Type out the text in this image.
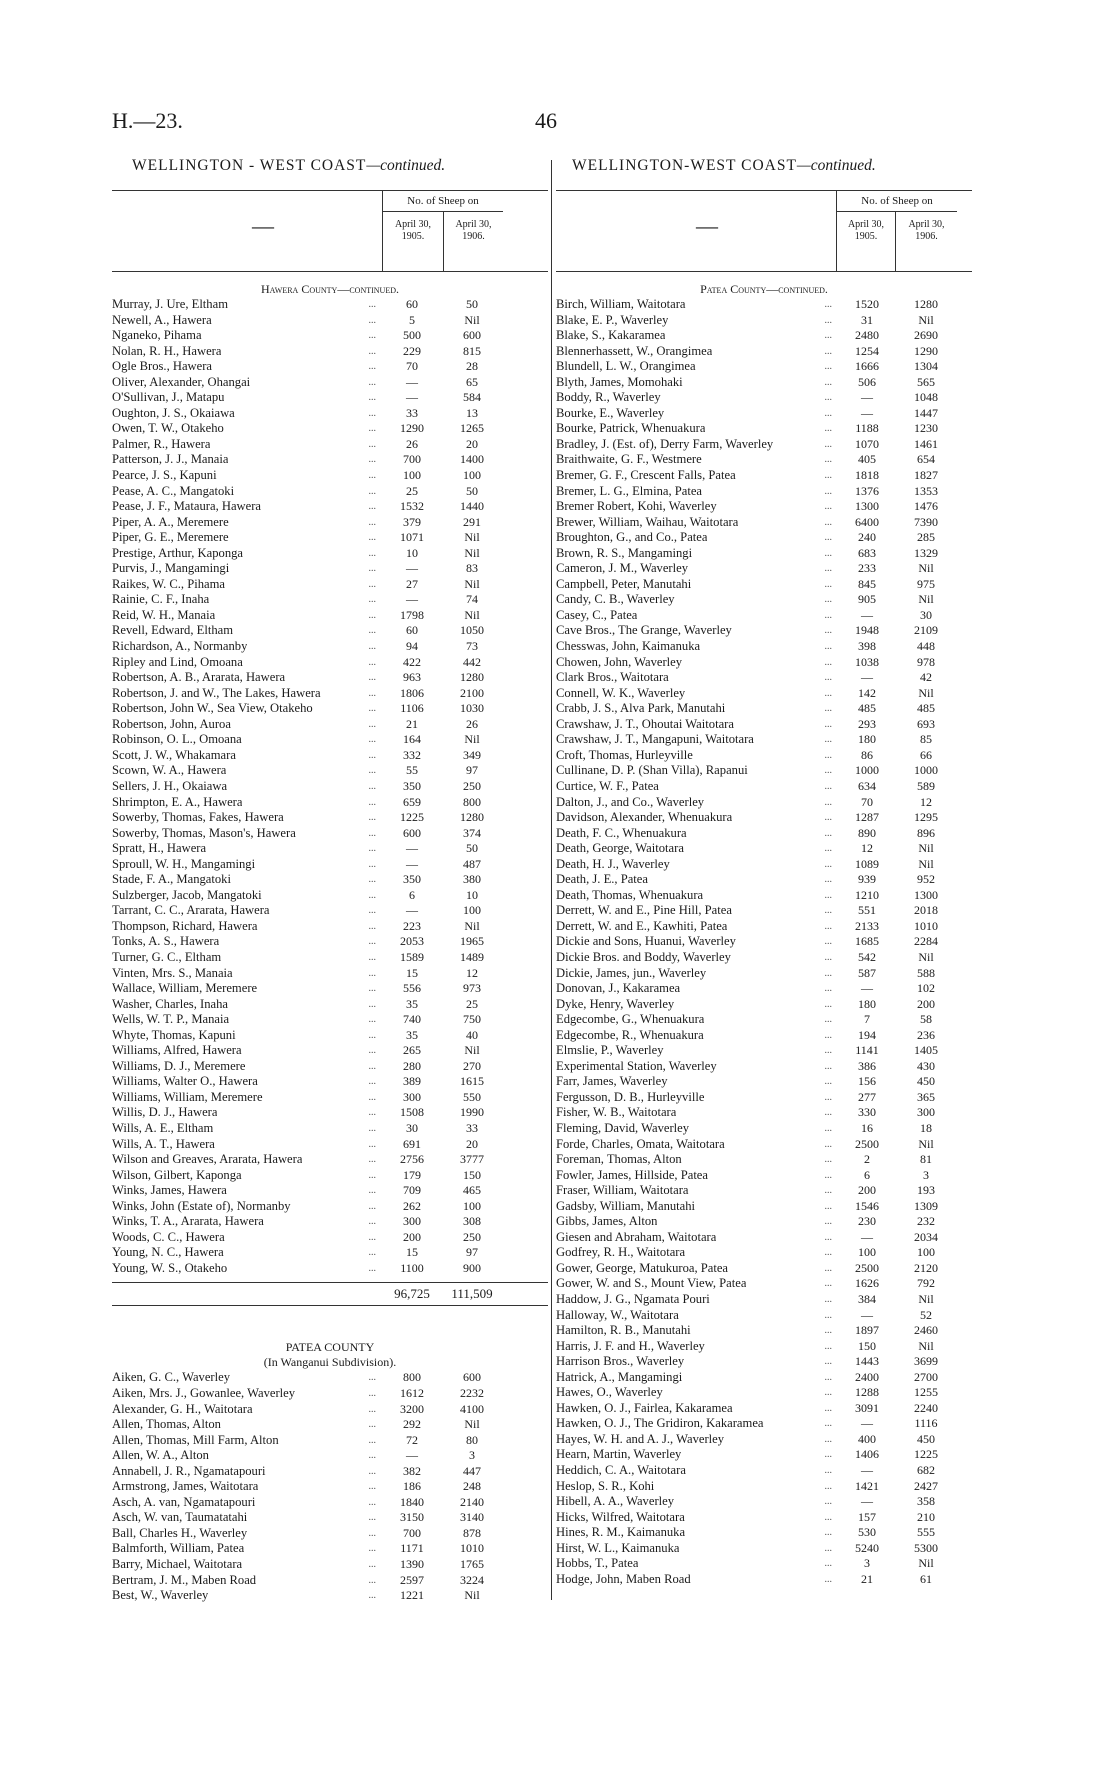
H.—23.	46
WELLINGTON - WEST COAST—continued.	WELLINGTON-WEST COAST—continued.
—
No. of Sheep on
April 30, 1905.
April 30, 1906.
Hawera County—continued.
Murray, J. Ure, Eltham	...	60	50
Newell, A., Hawera	...	5	Nil
Nganeko, Pihama	...	500	600
Nolan, R. H., Hawera	...	229	815
Ogle Bros., Hawera	...	70	28
Oliver, Alexander, Ohangai	...	—	65
O'Sullivan, J., Matapu	...	—	584
Oughton, J. S., Okaiawa	...	33	13
Owen, T. W., Otakeho	...	1290	1265
Palmer, R., Hawera	...	26	20
Patterson, J. J., Manaia	...	700	1400
Pearce, J. S., Kapuni	...	100	100
Pease, A. C., Mangatoki	...	25	50
Pease, J. F., Mataura, Hawera	...	1532	1440
Piper, A. A., Meremere	...	379	291
Piper, G. E., Meremere	...	1071	Nil
Prestige, Arthur, Kaponga	...	10	Nil
Purvis, J., Mangamingi	...	—	83
Raikes, W. C., Pihama	...	27	Nil
Rainie, C. F., Inaha	...	—	74
Reid, W. H., Manaia	...	1798	Nil
Revell, Edward, Eltham	...	60	1050
Richardson, A., Normanby	...	94	73
Ripley and Lind, Omoana	...	422	442
Robertson, A. B., Ararata, Hawera	...	963	1280
Robertson, J. and W., The Lakes, Hawera	...	1806	2100
Robertson, John W., Sea View, Otakeho	...	1106	1030
Robertson, John, Auroa	...	21	26
Robinson, O. L., Omoana	...	164	Nil
Scott, J. W., Whakamara	...	332	349
Scown, W. A., Hawera	...	55	97
Sellers, J. H., Okaiawa	...	350	250
Shrimpton, E. A., Hawera	...	659	800
Sowerby, Thomas, Fakes, Hawera	...	1225	1280
Sowerby, Thomas, Mason's, Hawera	...	600	374
Spratt, H., Hawera	...	—	50
Sproull, W. H., Mangamingi	...	—	487
Stade, F. A., Mangatoki	...	350	380
Sulzberger, Jacob, Mangatoki	...	6	10
Tarrant, C. C., Ararata, Hawera	...	—	100
Thompson, Richard, Hawera	...	223	Nil
Tonks, A. S., Hawera	...	2053	1965
Turner, G. C., Eltham	...	1589	1489
Vinten, Mrs. S., Manaia	...	15	12
Wallace, William, Meremere	...	556	973
Washer, Charles, Inaha	...	35	25
Wells, W. T. P., Manaia	...	740	750
Whyte, Thomas, Kapuni	...	35	40
Williams, Alfred, Hawera	...	265	Nil
Williams, D. J., Meremere	...	280	270
Williams, Walter O., Hawera	...	389	1615
Williams, William, Meremere	...	300	550
Willis, D. J., Hawera	...	1508	1990
Wills, A. E., Eltham	...	30	33
Wills, A. T., Hawera	...	691	20
Wilson and Greaves, Ararata, Hawera	...	2756	3777
Wilson, Gilbert, Kaponga	...	179	150
Winks, James, Hawera	...	709	465
Winks, John (Estate of), Normanby	...	262	100
Winks, T. A., Ararata, Hawera	...	300	308
Woods, C. C., Hawera	...	200	250
Young, N. C., Hawera	...	15	97
Young, W. S., Otakeho	...	1100	900
96,725	111,509
PATEA COUNTY
(In Wanganui Subdivision).
Aiken, G. C., Waverley	...	800	600
Aiken, Mrs. J., Gowanlee, Waverley	...	1612	2232
Alexander, G. H., Waitotara	...	3200	4100
Allen, Thomas, Alton	...	292	Nil
Allen, Thomas, Mill Farm, Alton	...	72	80
Allen, W. A., Alton	...	—	3
Annabell, J. R., Ngamatapouri	...	382	447
Armstrong, James, Waitotara	...	186	248
Asch, A. van, Ngamatapouri	...	1840	2140
Asch, W. van, Taumatatahi	...	3150	3140
Ball, Charles H., Waverley	...	700	878
Balmforth, William, Patea	...	1171	1010
Barry, Michael, Waitotara	...	1390	1765
Bertram, J. M., Maben Road	...	2597	3224
Best, W., Waverley	...	1221	Nil
—
No. of Sheep on
April 30, 1905.
April 30, 1906.
Patea County—continued.
Birch, William, Waitotara	...	1520	1280
Blake, E. P., Waverley	...	31	Nil
Blake, S., Kakaramea	...	2480	2690
Blennerhassett, W., Orangimea	...	1254	1290
Blundell, L. W., Orangimea	...	1666	1304
Blyth, James, Momohaki	...	506	565
Boddy, R., Waverley	...	—	1048
Bourke, E., Waverley	...	—	1447
Bourke, Patrick, Whenuakura	...	1188	1230
Bradley, J. (Est. of), Derry Farm, Waverley	...	1070	1461
Braithwaite, G. F., Westmere	...	405	654
Bremer, G. F., Crescent Falls, Patea	...	1818	1827
Bremer, L. G., Elmina, Patea	...	1376	1353
Bremer Robert, Kohi, Waverley	...	1300	1476
Brewer, William, Waihau, Waitotara	...	6400	7390
Broughton, G., and Co., Patea	...	240	285
Brown, R. S., Mangamingi	...	683	1329
Cameron, J. M., Waverley	...	233	Nil
Campbell, Peter, Manutahi	...	845	975
Candy, C. B., Waverley	...	905	Nil
Casey, C., Patea	...	—	30
Cave Bros., The Grange, Waverley	...	1948	2109
Chesswas, John, Kaimanuka	...	398	448
Chowen, John, Waverley	...	1038	978
Clark Bros., Waitotara	...	—	42
Connell, W. K., Waverley	...	142	Nil
Crabb, J. S., Alva Park, Manutahi	...	485	485
Crawshaw, J. T., Ohoutai Waitotara	...	293	693
Crawshaw, J. T., Mangapuni, Waitotara	...	180	85
Croft, Thomas, Hurleyville	...	86	66
Cullinane, D. P. (Shan Villa), Rapanui	...	1000	1000
Curtice, W. F., Patea	...	634	589
Dalton, J., and Co., Waverley	...	70	12
Davidson, Alexander, Whenuakura	...	1287	1295
Death, F. C., Whenuakura	...	890	896
Death, George, Waitotara	...	12	Nil
Death, H. J., Waverley	...	1089	Nil
Death, J. E., Patea	...	939	952
Death, Thomas, Whenuakura	...	1210	1300
Derrett, W. and E., Pine Hill, Patea	...	551	2018
Derrett, W. and E., Kawhiti, Patea	...	2133	1010
Dickie and Sons, Huanui, Waverley	...	1685	2284
Dickie Bros. and Boddy, Waverley	...	542	Nil
Dickie, James, jun., Waverley	...	587	588
Donovan, J., Kakaramea	...	—	102
Dyke, Henry, Waverley	...	180	200
Edgecombe, G., Whenuakura	...	7	58
Edgecombe, R., Whenuakura	...	194	236
Elmslie, P., Waverley	...	1141	1405
Experimental Station, Waverley	...	386	430
Farr, James, Waverley	...	156	450
Fergusson, D. B., Hurleyville	...	277	365
Fisher, W. B., Waitotara	...	330	300
Fleming, David, Waverley	...	16	18
Forde, Charles, Omata, Waitotara	...	2500	Nil
Foreman, Thomas, Alton	...	2	81
Fowler, James, Hillside, Patea	...	6	3
Fraser, William, Waitotara	...	200	193
Gadsby, William, Manutahi	...	1546	1309
Gibbs, James, Alton	...	230	232
Giesen and Abraham, Waitotara	...	—	2034
Godfrey, R. H., Waitotara	...	100	100
Gower, George, Matukuroa, Patea	...	2500	2120
Gower, W. and S., Mount View, Patea	...	1626	792
Haddow, J. G., Ngamata Pouri	...	384	Nil
Halloway, W., Waitotara	...	—	52
Hamilton, R. B., Manutahi	...	1897	2460
Harris, J. F. and H., Waverley	...	150	Nil
Harrison Bros., Waverley	...	1443	3699
Hatrick, A., Mangamingi	...	2400	2700
Hawes, O., Waverley	...	1288	1255
Hawken, O. J., Fairlea, Kakaramea	...	3091	2240
Hawken, O. J., The Gridiron, Kakaramea	...	—	1116
Hayes, W. H. and A. J., Waverley	...	400	450
Hearn, Martin, Waverley	...	1406	1225
Heddich, C. A., Waitotara	...	—	682
Heslop, S. R., Kohi	...	1421	2427
Hibell, A. A., Waverley	...	—	358
Hicks, Wilfred, Waitotara	...	157	210
Hines, R. M., Kaimanuka	...	530	555
Hirst, W. L., Kaimanuka	...	5240	5300
Hobbs, T., Patea	...	3	Nil
Hodge, John, Maben Road	...	21	61
